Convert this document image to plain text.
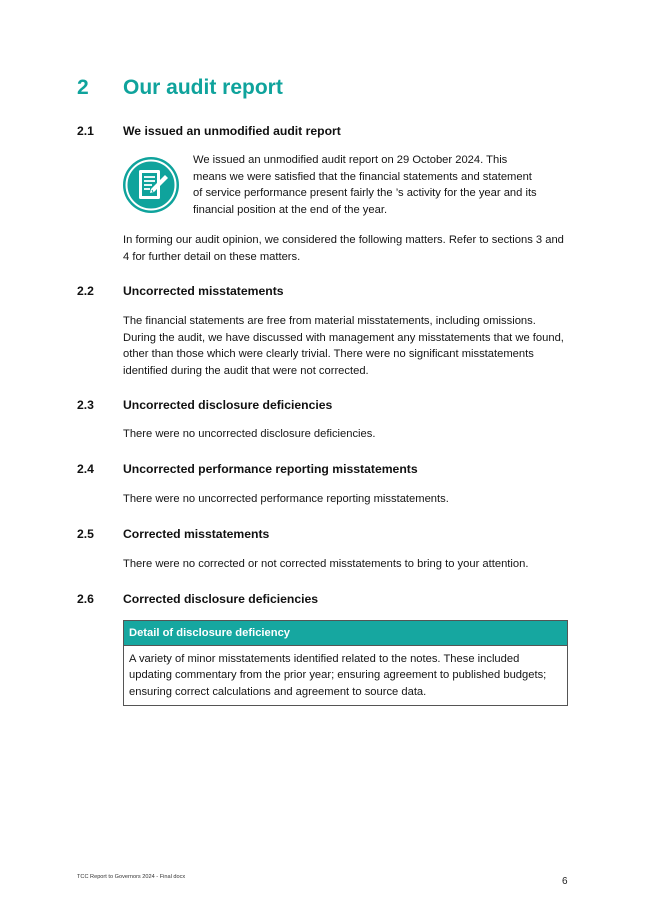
2	Our audit report
2.1	We issued an unmodified audit report
We issued an unmodified audit report on 29 October 2024. This means we were satisfied that the financial statements and statement of service performance present fairly the ’s activity for the year and its financial position at the end of the year.
In forming our audit opinion, we considered the following matters. Refer to sections 3 and 4 for further detail on these matters.
2.2	Uncorrected misstatements
The financial statements are free from material misstatements, including omissions. During the audit, we have discussed with management any misstatements that we found, other than those which were clearly trivial. There were no significant misstatements identified during the audit that were not corrected.
2.3	Uncorrected disclosure deficiencies
There were no uncorrected disclosure deficiencies.
2.4	Uncorrected performance reporting misstatements
There were no uncorrected performance reporting misstatements.
2.5	Corrected misstatements
There were no corrected or not corrected misstatements to bring to your attention.
2.6	Corrected disclosure deficiencies
Detail of disclosure deficiency
A variety of minor misstatements identified related to the notes. These included updating commentary from the prior year; ensuring agreement to published budgets; ensuring correct calculations and agreement to source data.
TCC Report to Governors 2024 - Final docx	6
